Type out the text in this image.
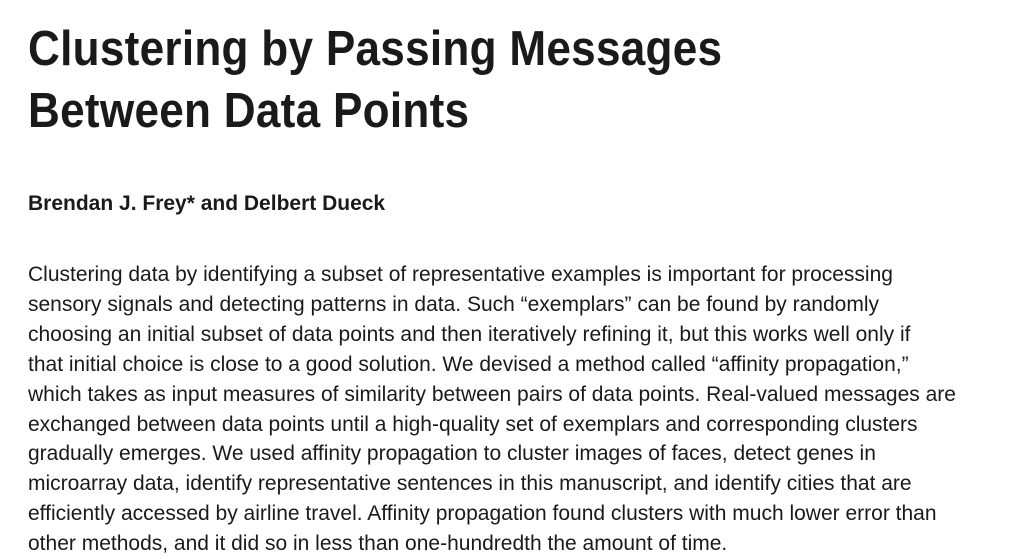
Clustering by Passing Messages
Between Data Points

Brendan J. Frey* and Delbert Dueck

Clustering data by identifying a subset of representative examples is important for processing
sensory signals and detecting patterns in data. Such “exemplars” can be found by randomly
choosing an initial subset of data points and then iteratively refining it, but this works well only if
that initial choice is close to a good solution. We devised a method called “affinity propagation,”
which takes as input measures of similarity between pairs of data points. Real-valued messages are
exchanged between data points until a high-quality set of exemplars and corresponding clusters
gradually emerges. We used affinity propagation to cluster images of faces, detect genes in
microarray data, identify representative sentences in this manuscript, and identify cities that are
efficiently accessed by airline travel. Affinity propagation found clusters with much lower error than
other methods, and it did so in less than one-hundredth the amount of time.
